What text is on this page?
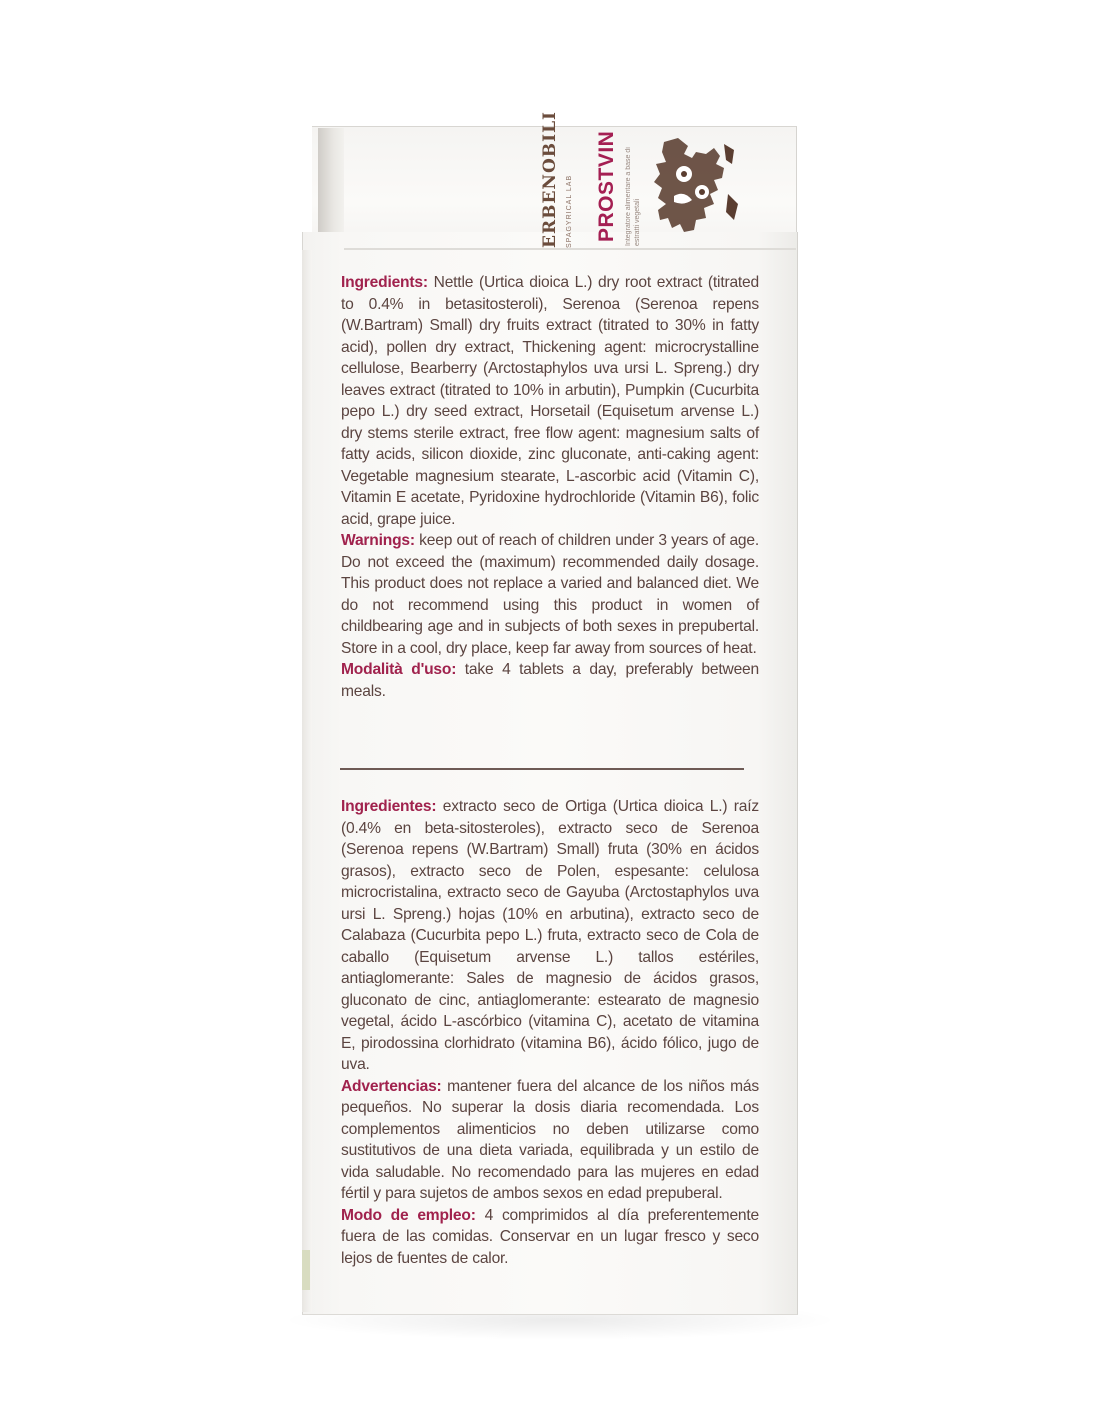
ERBENOBILI SPAGYRICAL LAB	PROSTVIN	Integratore alimentare a base di estratti vegetali

Ingredients: Nettle (Urtica dioica L.) dry root extract (titrated to 0.4% in betasitosteroli), Serenoa (Serenoa repens (W.Bartram) Small) dry fruits extract (titrated to 30% in fatty acid), pollen dry extract, Thickening agent: microcrystalline cellulose, Bearberry (Arctostaphylos uva ursi L. Spreng.) dry leaves extract (titrated to 10% in arbutin), Pumpkin (Cucurbita pepo L.) dry seed extract, Horsetail (Equisetum arvense L.) dry stems sterile extract, free flow agent: magnesium salts of fatty acids, silicon dioxide, zinc gluconate, anti-caking agent: Vegetable magnesium stearate, L-ascorbic acid (Vitamin C), Vitamin E acetate, Pyridoxine hydrochloride (Vitamin B6), folic acid, grape juice.

Warnings: keep out of reach of children under 3 years of age. Do not exceed the (maximum) recommended daily dosage. This product does not replace a varied and balanced diet. We do not recommend using this product in women of childbearing age and in subjects of both sexes in prepubertal. Store in a cool, dry place, keep far away from sources of heat.

Modalità d'uso: take 4 tablets a day, preferably between meals.

Ingredientes: extracto seco de Ortiga (Urtica dioica L.) raíz (0.4% en beta-sitosteroles), extracto seco de Serenoa (Serenoa repens (W.Bartram) Small) fruta (30% en ácidos grasos), extracto seco de Polen, espesante: celulosa microcristalina, extracto seco de Gayuba (Arctostaphylos uva ursi L. Spreng.) hojas (10% en arbutina), extracto seco de Calabaza (Cucurbita pepo L.) fruta, extracto seco de Cola de caballo (Equisetum arvense L.) tallos estériles, antiaglomerante: Sales de magnesio de ácidos grasos, gluconato de cinc, antiaglomerante: estearato de magnesio vegetal, ácido L-ascórbico (vitamina C), acetato de vitamina E, pirodossina clorhidrato (vitamina B6), ácido fólico, jugo de uva.

Advertencias: mantener fuera del alcance de los niños más pequeños. No superar la dosis diaria recomendada. Los complementos alimenticios no deben utilizarse como sustitutivos de una dieta variada, equilibrada y un estilo de vida saludable. No recomendado para las mujeres en edad fértil y para sujetos de ambos sexos en edad prepuberal.

Modo de empleo: 4 comprimidos al día preferentemente fuera de las comidas. Conservar en un lugar fresco y seco lejos de fuentes de calor.
